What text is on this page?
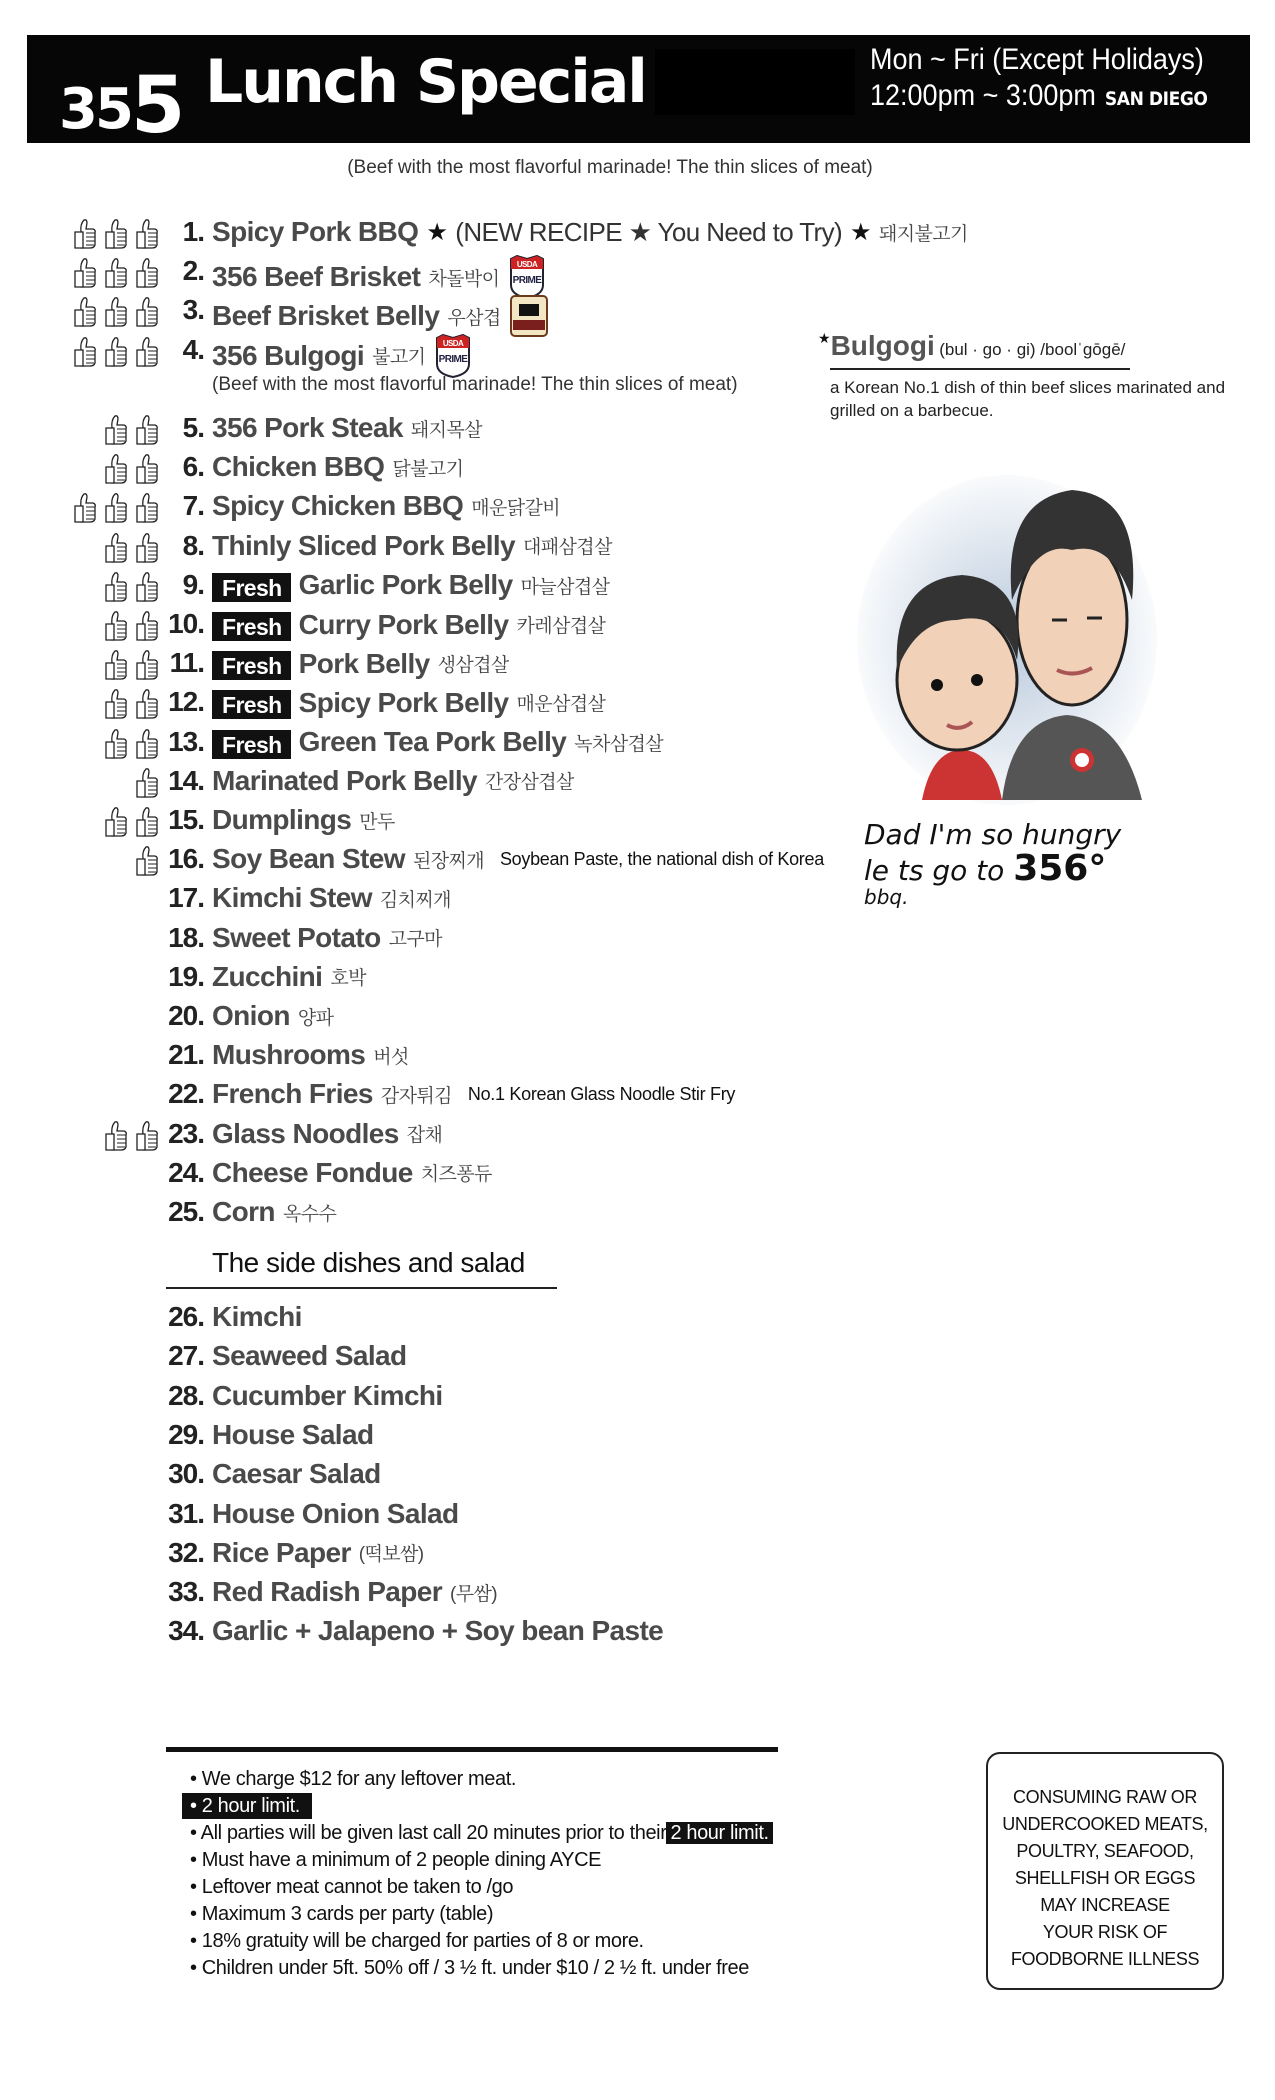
355 Lunch Special	Mon ~ Fri (Except Holidays)
12:00pm ~ 3:00pm SAN DIEGO
(Beef with the most flavorful marinade! The thin slices of meat)
1. Spicy Pork BBQ ★ (NEW RECIPE ★ You Need to Try) ★ 돼지불고기
2. 356 Beef Brisket 차돌박이
USDA
PRIME
3. Beef Brisket Belly 우삼겹
4. 356 Bulgogi 불고기
USDA
PRIME
5. 356 Pork Steak 돼지목살
6. Chicken BBQ 닭불고기
7. Spicy Chicken BBQ 매운닭갈비
8. Thinly Sliced Pork Belly 대패삼겹살
9. Fresh Garlic Pork Belly 마늘삼겹살
10. Fresh Curry Pork Belly 카레삼겹살
11. Fresh Pork Belly 생삼겹살
12. Fresh Spicy Pork Belly 매운삼겹살
13. Fresh Green Tea Pork Belly 녹차삼겹살
14. Marinated Pork Belly 간장삼겹살
15. Dumplings 만두
16. Soy Bean Stew 된장찌개 Soybean Paste, the national dish of Korea
17. Kimchi Stew 김치찌개
18. Sweet Potato 고구마
19. Zucchini 호박
20. Onion 양파
21. Mushrooms 버섯
22. French Fries 감자튀김 No.1 Korean Glass Noodle Stir Fry
23. Glass Noodles 잡채
24. Cheese Fondue 치즈퐁듀
25. Corn 옥수수
(Beef with the most flavorful marinade! The thin slices of meat)
★Bulgogi (bul · go · gi) /boolˈgōgē/
a Korean No.1 dish of thin beef slices marinated and grilled on a barbecue.
Dad I'm so hungry
le ts go to 356°
bbq.
The side dishes and salad
26. Kimchi
27. Seaweed Salad
28. Cucumber Kimchi
29. House Salad
30. Caesar Salad
31. House Onion Salad
32. Rice Paper (떡보쌈)
33. Red Radish Paper (무쌈)
34. Garlic + Jalapeno + Soy bean Paste
• We charge $12 for any leftover meat.
• 2 hour limit.
• All parties will be given last call 20 minutes prior to their 2 hour limit.
• Must have a minimum of 2 people dining AYCE
• Leftover meat cannot be taken to /go
• Maximum 3 cards per party (table)
• 18% gratuity will be charged for parties of 8 or more.
• Children under 5ft. 50% off / 3 ½ ft. under $10 / 2 ½ ft. under free
CONSUMING RAW OR
UNDERCOOKED MEATS,
POULTRY, SEAFOOD,
SHELLFISH OR EGGS
MAY INCREASE
YOUR RISK OF
FOODBORNE ILLNESS
